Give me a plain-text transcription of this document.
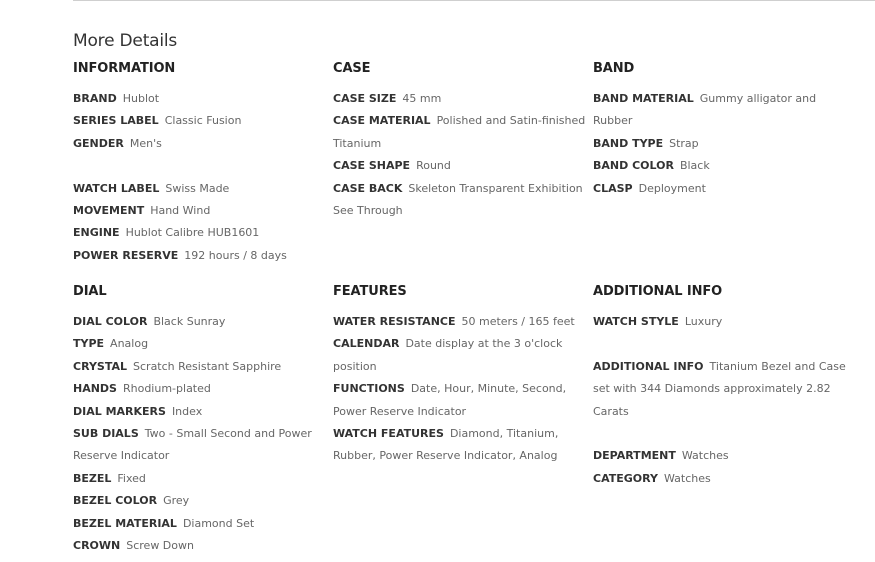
More Details
INFORMATION
BRAND Hublot
SERIES LABEL Classic Fusion
GENDER Men's
WATCH LABEL Swiss Made
MOVEMENT Hand Wind
ENGINE Hublot Calibre HUB1601
POWER RESERVE 192 hours / 8 days
CASE
CASE SIZE 45 mm
CASE MATERIAL Polished and Satin-finished Titanium
CASE SHAPE Round
CASE BACK Skeleton Transparent Exhibition See Through
BAND
BAND MATERIAL Gummy alligator and Rubber
BAND TYPE Strap
BAND COLOR Black
CLASP Deployment
DIAL
DIAL COLOR Black Sunray
TYPE Analog
CRYSTAL Scratch Resistant Sapphire
HANDS Rhodium-plated
DIAL MARKERS Index
SUB DIALS Two - Small Second and Power Reserve Indicator
BEZEL Fixed
BEZEL COLOR Grey
BEZEL MATERIAL Diamond Set
CROWN Screw Down
FEATURES
WATER RESISTANCE 50 meters / 165 feet
CALENDAR Date display at the 3 o'clock position
FUNCTIONS Date, Hour, Minute, Second, Power Reserve Indicator
WATCH FEATURES Diamond, Titanium, Rubber, Power Reserve Indicator, Analog
ADDITIONAL INFO
WATCH STYLE Luxury
ADDITIONAL INFO Titanium Bezel and Case set with 344 Diamonds approximately 2.82 Carats
DEPARTMENT Watches
CATEGORY Watches
